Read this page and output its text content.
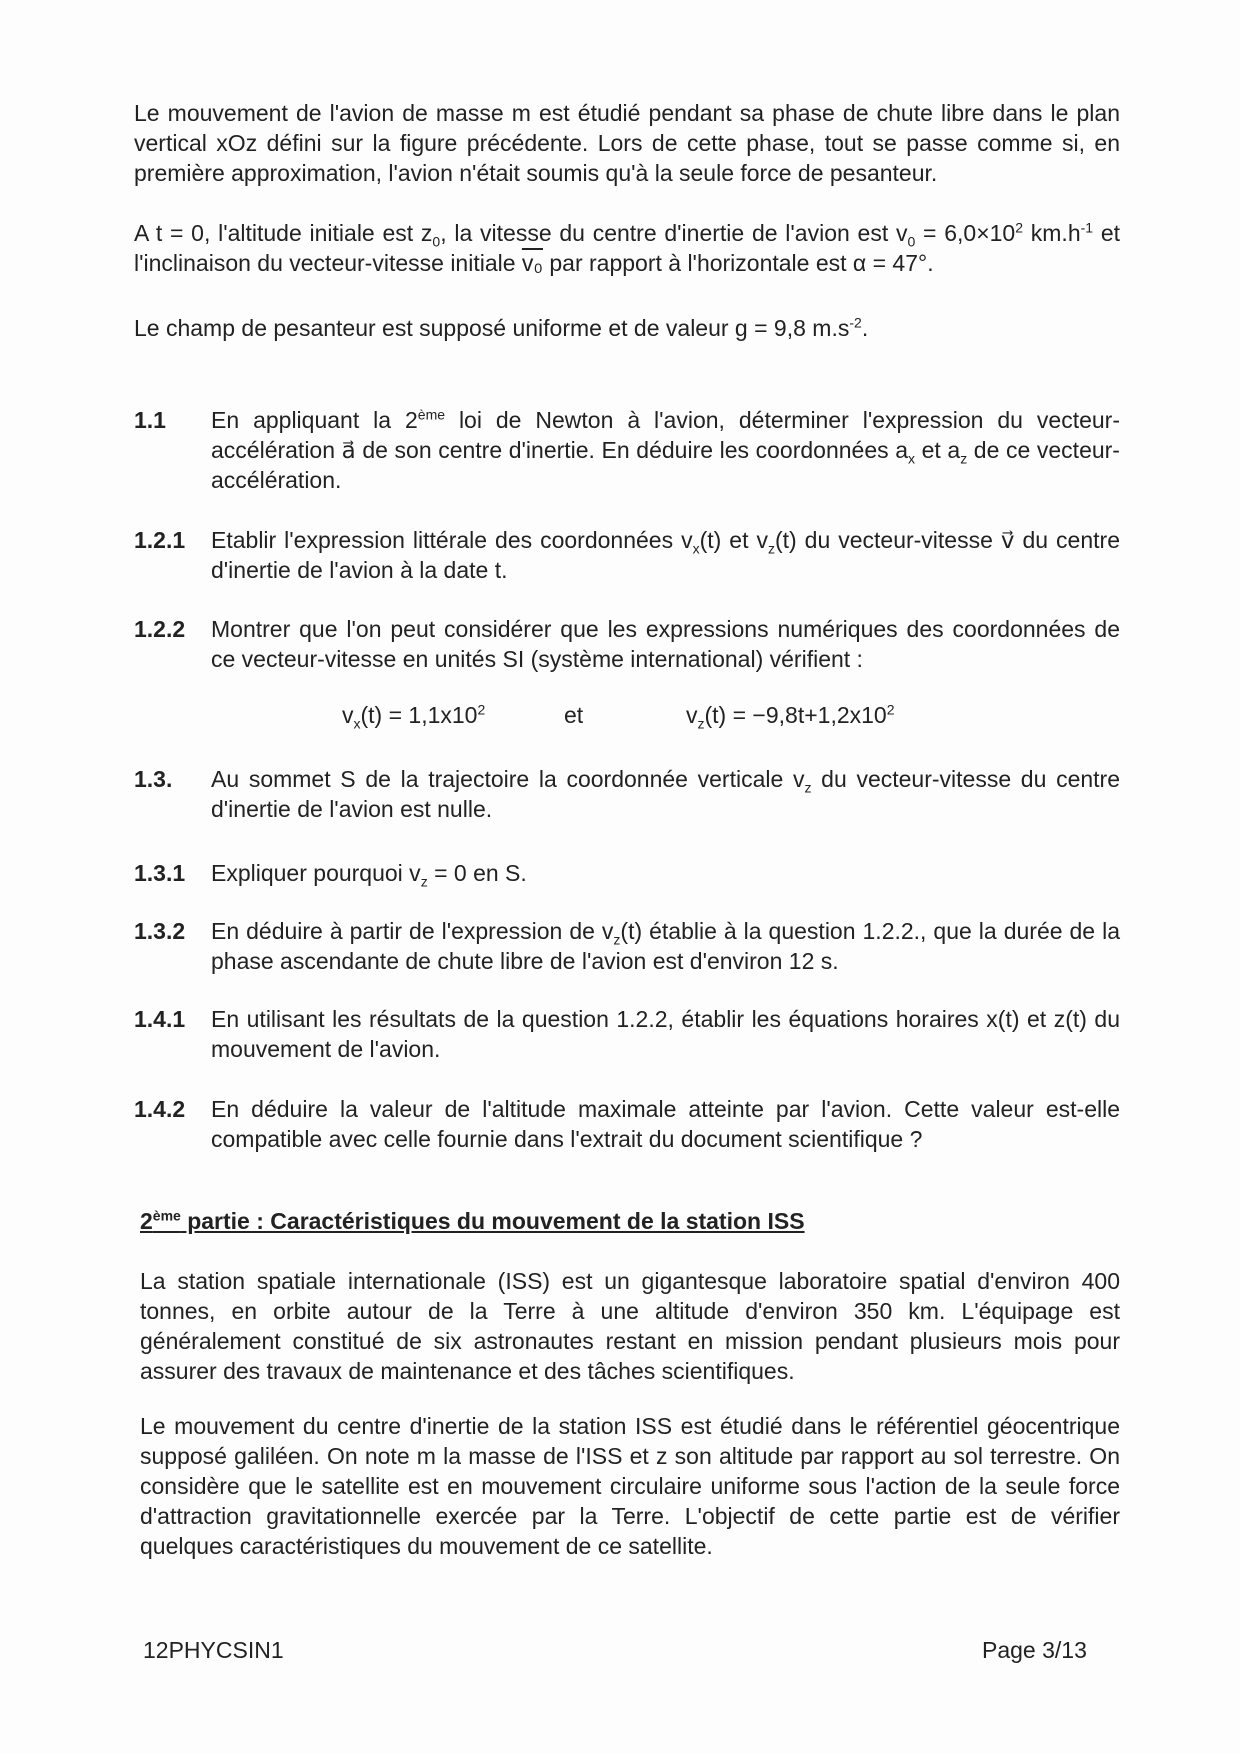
Le mouvement de l'avion de masse m est étudié pendant sa phase de chute libre dans le plan vertical xOz défini sur la figure précédente. Lors de cette phase, tout se passe comme si, en première approximation, l'avion n'était soumis qu'à la seule force de pesanteur.
A t = 0, l'altitude initiale est $z_0$, la vitesse du centre d'inertie de l'avion est $v_0 = 6,0\times 10^2$ $km.h^{-1}$ et l'inclinaison du vecteur-vitesse initiale v₀ par rapport à l'horizontale est α = 47°.
Le champ de pesanteur est supposé uniforme et de valeur g = 9,8 $m.s^{-2}$.
1.1 En appliquant la 2ème loi de Newton à l'avion, déterminer l'expression du vecteur-accélération a⃗ de son centre d'inertie. En déduire les coordonnées $a_x$ et $a_z$ de ce vecteur-accélération.
1.2.1 Etablir l'expression littérale des coordonnées $v_x(t)$ et $v_z(t)$ du vecteur-vitesse v⃗ du centre d'inertie de l'avion à la date t.
1.2.2 Montrer que l'on peut considérer que les expressions numériques des coordonnées de ce vecteur-vitesse en unités SI (système international) vérifient :
$v_x(t) = 1,1x10^2$	et	$v_z(t) = -9,8t+1,2x10^2$
1.3. Au sommet S de la trajectoire la coordonnée verticale $v_z$ du vecteur-vitesse du centre d'inertie de l'avion est nulle.
1.3.1 Expliquer pourquoi $v_z = 0$ en S.
1.3.2 En déduire à partir de l'expression de $v_z(t)$ établie à la question 1.2.2., que la durée de la phase ascendante de chute libre de l'avion est d'environ 12 s.
1.4.1 En utilisant les résultats de la question 1.2.2, établir les équations horaires x(t) et z(t) du mouvement de l'avion.
1.4.2 En déduire la valeur de l'altitude maximale atteinte par l'avion. Cette valeur est-elle compatible avec celle fournie dans l'extrait du document scientifique ?
2ème partie : Caractéristiques du mouvement de la station ISS
La station spatiale internationale (ISS) est un gigantesque laboratoire spatial d'environ 400 tonnes, en orbite autour de la Terre à une altitude d'environ 350 km. L'équipage est généralement constitué de six astronautes restant en mission pendant plusieurs mois pour assurer des travaux de maintenance et des tâches scientifiques.
Le mouvement du centre d'inertie de la station ISS est étudié dans le référentiel géocentrique supposé galiléen. On note m la masse de l'ISS et z son altitude par rapport au sol terrestre. On considère que le satellite est en mouvement circulaire uniforme sous l'action de la seule force d'attraction gravitationnelle exercée par la Terre. L'objectif de cette partie est de vérifier quelques caractéristiques du mouvement de ce satellite.
12PHYCSIN1	Page 3/13
